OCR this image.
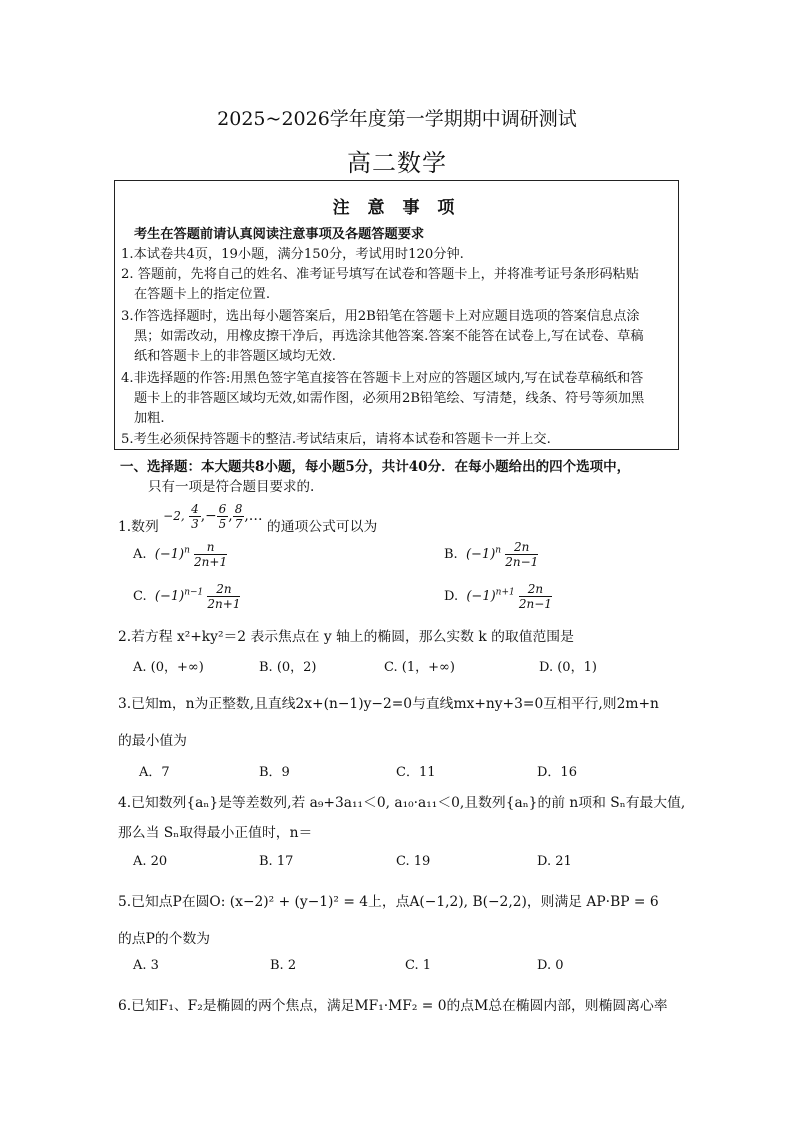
2025~2026学年度第一学期期中调研测试
高二数学
注 意 事 项
考生在答题前请认真阅读注意事项及各题答题要求
1.本试卷共4页，19小题，满分150分，考试用时120分钟.
2. 答题前，先将自己的姓名、准考证号填写在试卷和答题卡上，并将准考证号条形码粘贴
在答题卡上的指定位置.
3.作答选择题时，选出每小题答案后，用2B铅笔在答题卡上对应题目选项的答案信息点涂
黑；如需改动，用橡皮擦干净后，再选涂其他答案.答案不能答在试卷上,写在试卷、草稿
纸和答题卡上的非答题区域均无效.
4.非选择题的作答:用黑色签字笔直接答在答题卡上对应的答题区域内,写在试卷草稿纸和答
题卡上的非答题区域均无效,如需作图，必须用2B铅笔绘、写清楚，线条、符号等须加黑
加粗.
5.考生必须保持答题卡的整洁.考试结束后，请将本试卷和答题卡一并上交.
一、选择题：本大题共8小题，每小题5分，共计40分．在每小题给出的四个选项中，
只有一项是符合题目要求的.
1.数列 −2, $\frac{4}{3}$ ,− $\frac{6}{5}$ , $\frac{8}{7}$ ,… 的通项公式可以为
A. $(-1)^n \frac{n}{2n+1}$	B. $(-1)^n \frac{2n}{2n-1}$
C. $(-1)^{n-1} \frac{2n}{2n+1}$	D. $(-1)^{n+1} \frac{2n}{2n-1}$
2.若方程 x²+ky²＝2 表示焦点在 y 轴上的椭圆，那么实数 k 的取值范围是
A. (0，+∞)	B. (0，2)	C. (1，+∞)	D. (0，1)
3.已知m，n为正整数,且直线2x+(n−1)y−2=0与直线mx+ny+3=0互相平行,则2m+n
的最小值为
A．7	B．9	C．11	D．16
4.已知数列{aₙ}是等差数列,若 a₉+3a₁₁＜0, a₁₀·a₁₁＜0,且数列{aₙ}的前 n项和 Sₙ有最大值,
那么当 Sₙ取得最小正值时，n＝
A. 20	B. 17	C. 19	D. 21
5.已知点P在圆O: (x−2)² + (y−1)² = 4上，点A(−1,2), B(−2,2)，则满足 AP·BP = 6
的点P的个数为
A. 3	B. 2	C. 1	D. 0
6.已知F₁、F₂是椭圆的两个焦点，满足MF₁·MF₂ = 0的点M总在椭圆内部，则椭圆离心率
